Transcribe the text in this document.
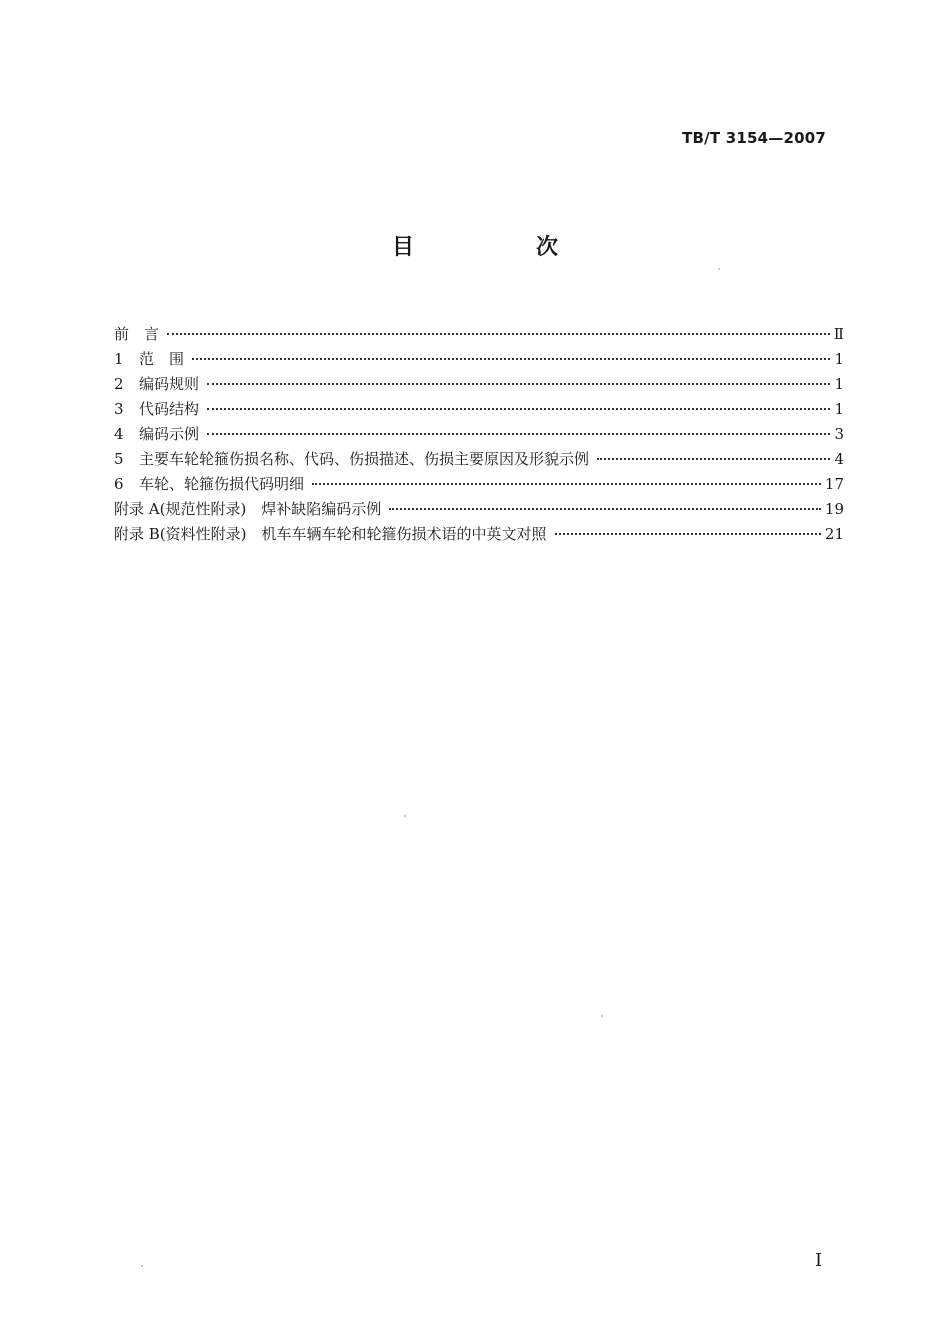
TB/T 3154—2007
目　次
前　言	Ⅱ
1 范　围	1
2 编码规则	1
3 代码结构	1
4 编码示例	3
5 主要车轮轮箍伤损名称、代码、伤损描述、伤损主要原因及形貌示例	4
6 车轮、轮箍伤损代码明细	17
附录 A(规范性附录)　焊补缺陷编码示例	19
附录 B(资料性附录)　机车车辆车轮和轮箍伤损术语的中英文对照	21
I
